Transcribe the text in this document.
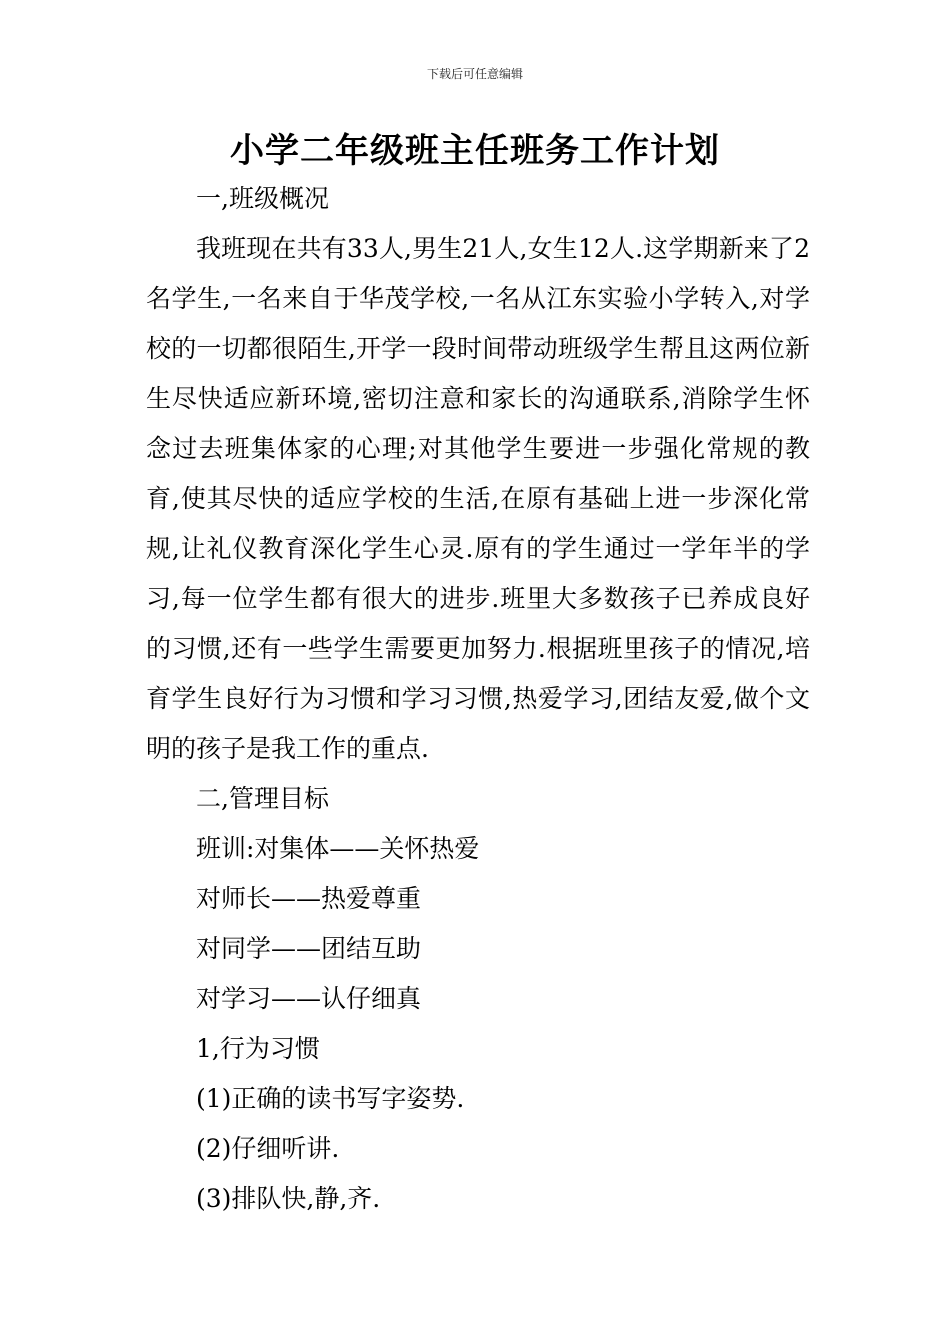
下载后可任意编辑
小学二年级班主任班务工作计划

一,班级概况

我班现在共有33人,男生21人,女生12人.这学期新来了2名学生,一名来自于华茂学校,一名从江东实验小学转入,对学校的一切都很陌生,开学一段时间带动班级学生帮且这两位新生尽快适应新环境,密切注意和家长的沟通联系,消除学生怀念过去班集体家的心理;对其他学生要进一步强化常规的教育,使其尽快的适应学校的生活,在原有基础上进一步深化常规,让礼仪教育深化学生心灵.原有的学生通过一学年半的学习,每一位学生都有很大的进步.班里大多数孩子已养成良好的习惯,还有一些学生需要更加努力.根据班里孩子的情况,培育学生良好行为习惯和学习习惯,热爱学习,团结友爱,做个文明的孩子是我工作的重点.

二,管理目标

班训:对集体——关怀热爱

对师长——热爱尊重

对同学——团结互助

对学习——认仔细真

1,行为习惯

(1)正确的读书写字姿势.

(2)仔细听讲.

(3)排队快,静,齐.
